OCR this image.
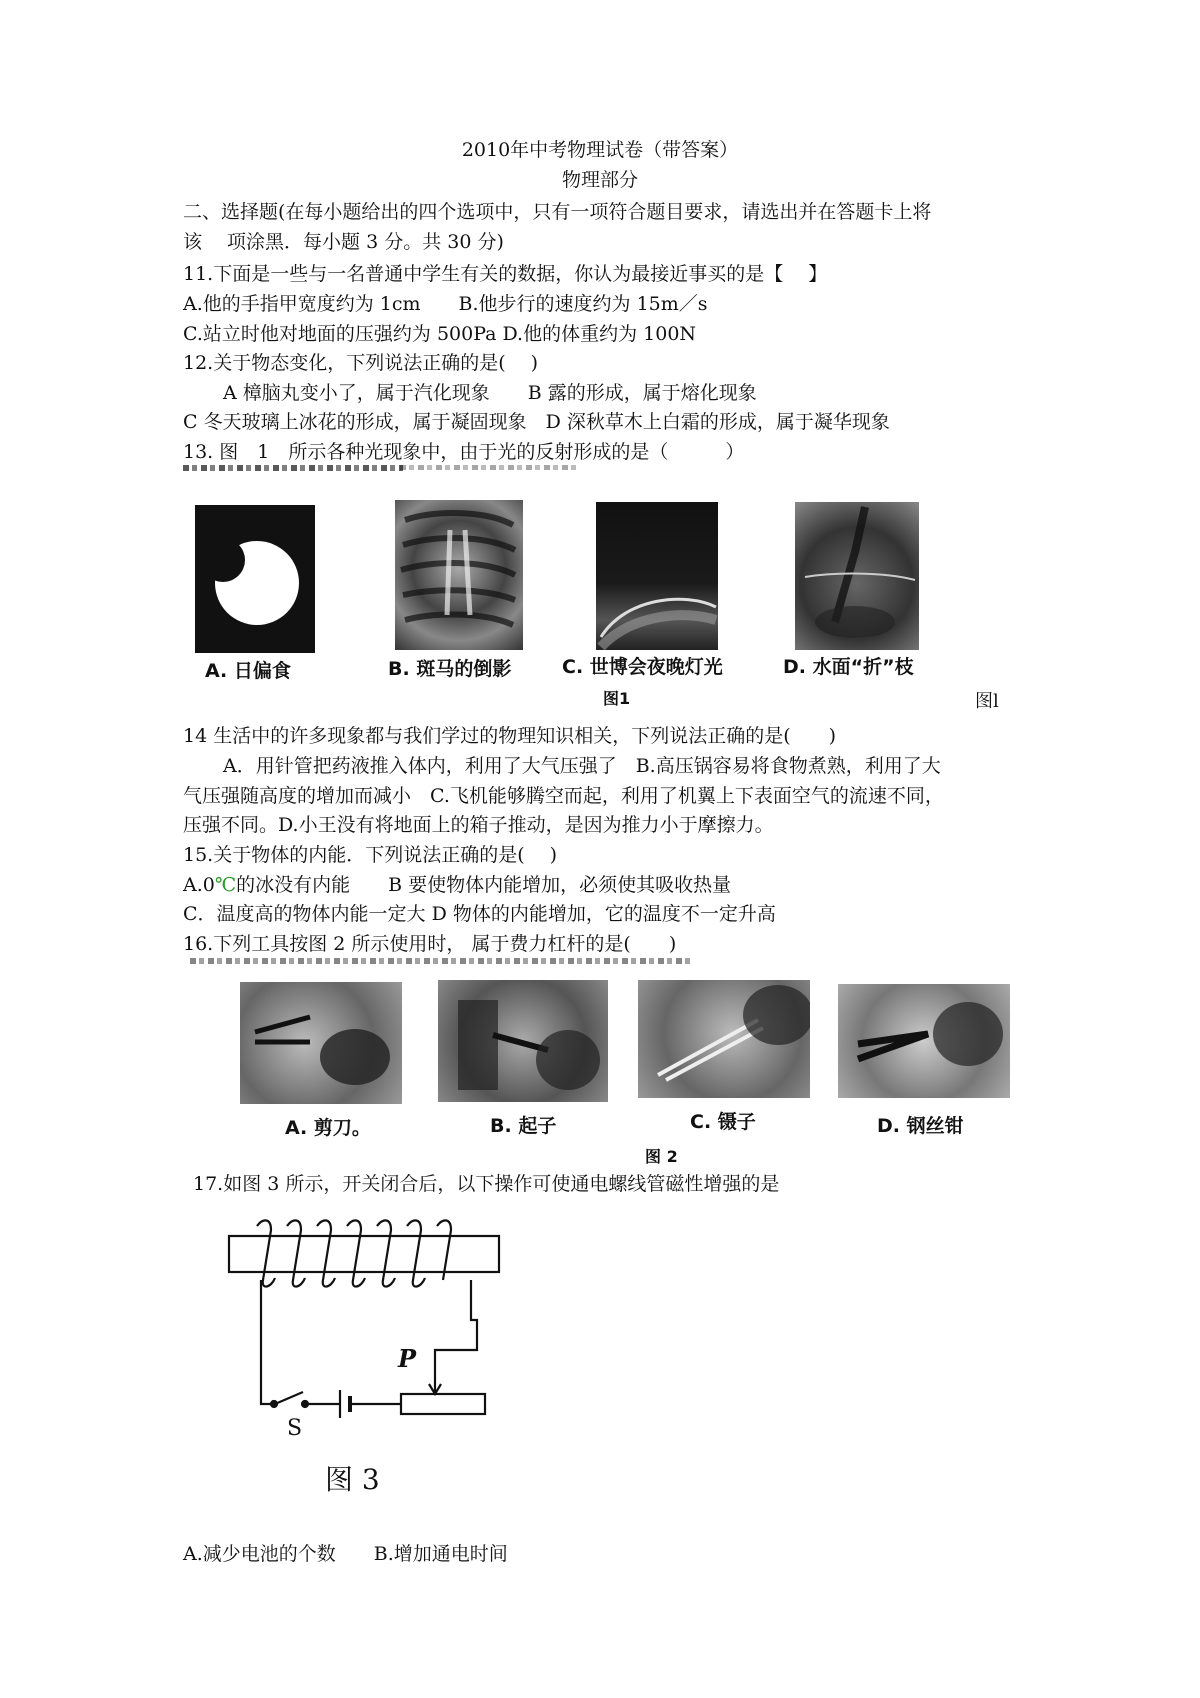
2010年中考物理试卷（带答案）
物理部分
二、选择题(在每小题给出的四个选项中，只有一项符合题目要求，请选出并在答题卡上将
该　 项涂黑．每小题 3 分。共 30 分)
11.下面是一些与一名普通中学生有关的数据，你认为最接近事买的是【　 】
A.他的手指甲宽度约为 1cm　　B.他步行的速度约为 15m／s
C.站立时他对地面的压强约为 500Pa D.他的体重约为 100N
12.关于物态变化，下列说法正确的是(　 )
A 樟脑丸变小了，属于汽化现象　　B 露的形成，属于熔化现象
C 冬天玻璃上冰花的形成，属于凝固现象　D 深秋草木上白霜的形成，属于凝华现象
13. 图　1　所示各种光现象中，由于光的反射形成的是（　　　）
A. 日偏食	B. 斑马的倒影	C. 世博会夜晚灯光	D. 水面“折”枝
图1	图l
14 生活中的许多现象都与我们学过的物理知识相关，下列说法正确的是(　　)
A．用针管把药液推入体内，利用了大气压强了　B.高压锅容易将食物煮熟，利用了大
气压强随高度的增加而减小　C.飞机能够腾空而起，利用了机翼上下表面空气的流速不同，
压强不同。D.小王没有将地面上的箱子推动，是因为推力小于摩擦力。
15.关于物体的内能．下列说法正确的是(　 )
A.0℃的冰没有内能　　B 要使物体内能增加，必须使其吸收热量
C．温度高的物体内能一定大 D 物体的内能增加，它的温度不一定升高
16.下列工具按图 2 所示使用时， 属于费力杠杆的是(　　)
A. 剪刀。	B. 起子	C. 镊子	D. 钢丝钳
图 2
17.如图 3 所示，开关闭合后，以下操作可使通电螺线管磁性增强的是
P
S
图 3
A.减少电池的个数　　B.增加通电时间
